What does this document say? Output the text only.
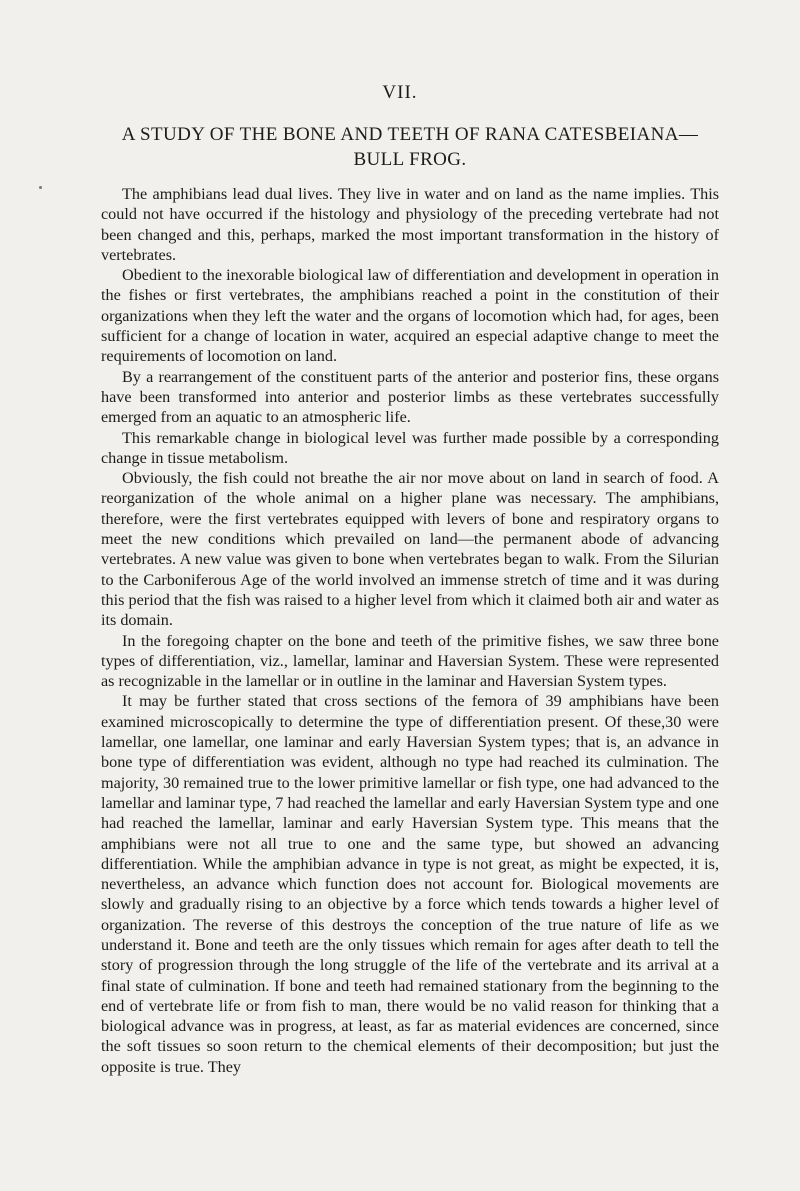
VII.
A STUDY OF THE BONE AND TEETH OF RANA CATESBEIANA— BULL FROG.

The amphibians lead dual lives. They live in water and on land as the name implies. This could not have occurred if the histology and physiology of the preceding vertebrate had not been changed and this, perhaps, marked the most important transformation in the history of vertebrates.

Obedient to the inexorable biological law of differentiation and development in operation in the fishes or first vertebrates, the amphibians reached a point in the constitution of their organizations when they left the water and the organs of locomotion which had, for ages, been sufficient for a change of location in water, acquired an especial adaptive change to meet the requirements of locomotion on land.

By a rearrangement of the constituent parts of the anterior and posterior fins, these organs have been transformed into anterior and posterior limbs as these vertebrates successfully emerged from an aquatic to an atmospheric life.

This remarkable change in biological level was further made possible by a corresponding change in tissue metabolism.

Obviously, the fish could not breathe the air nor move about on land in search of food. A reorganization of the whole animal on a higher plane was necessary. The amphibians, therefore, were the first vertebrates equipped with levers of bone and respiratory organs to meet the new conditions which prevailed on land—the permanent abode of advancing vertebrates. A new value was given to bone when vertebrates began to walk. From the Silurian to the Carboniferous Age of the world involved an immense stretch of time and it was during this period that the fish was raised to a higher level from which it claimed both air and water as its domain.

In the foregoing chapter on the bone and teeth of the primitive fishes, we saw three bone types of differentiation, viz., lamellar, laminar and Haversian System. These were represented as recognizable in the lamellar or in outline in the laminar and Haversian System types.

It may be further stated that cross sections of the femora of 39 amphibians have been examined microscopically to determine the type of differentiation present. Of these,30 were lamellar, one lamellar, one laminar and early Haversian System types; that is, an advance in bone type of differentiation was evident, although no type had reached its culmination. The majority, 30 remained true to the lower primitive lamellar or fish type, one had advanced to the lamellar and laminar type, 7 had reached the lamellar and early Haversian System type and one had reached the lamellar, laminar and early Haversian System type. This means that the amphibians were not all true to one and the same type, but showed an advancing differentiation. While the amphibian advance in type is not great, as might be expected, it is, nevertheless, an advance which function does not account for. Biological movements are slowly and gradually rising to an objective by a force which tends towards a higher level of organization. The reverse of this destroys the conception of the true nature of life as we understand it. Bone and teeth are the only tissues which remain for ages after death to tell the story of progression through the long struggle of the life of the vertebrate and its arrival at a final state of culmination. If bone and teeth had remained stationary from the beginning to the end of vertebrate life or from fish to man, there would be no valid reason for thinking that a biological advance was in progress, at least, as far as material evidences are concerned, since the soft tissues so soon return to the chemical elements of their decomposition; but just the opposite is true. They
